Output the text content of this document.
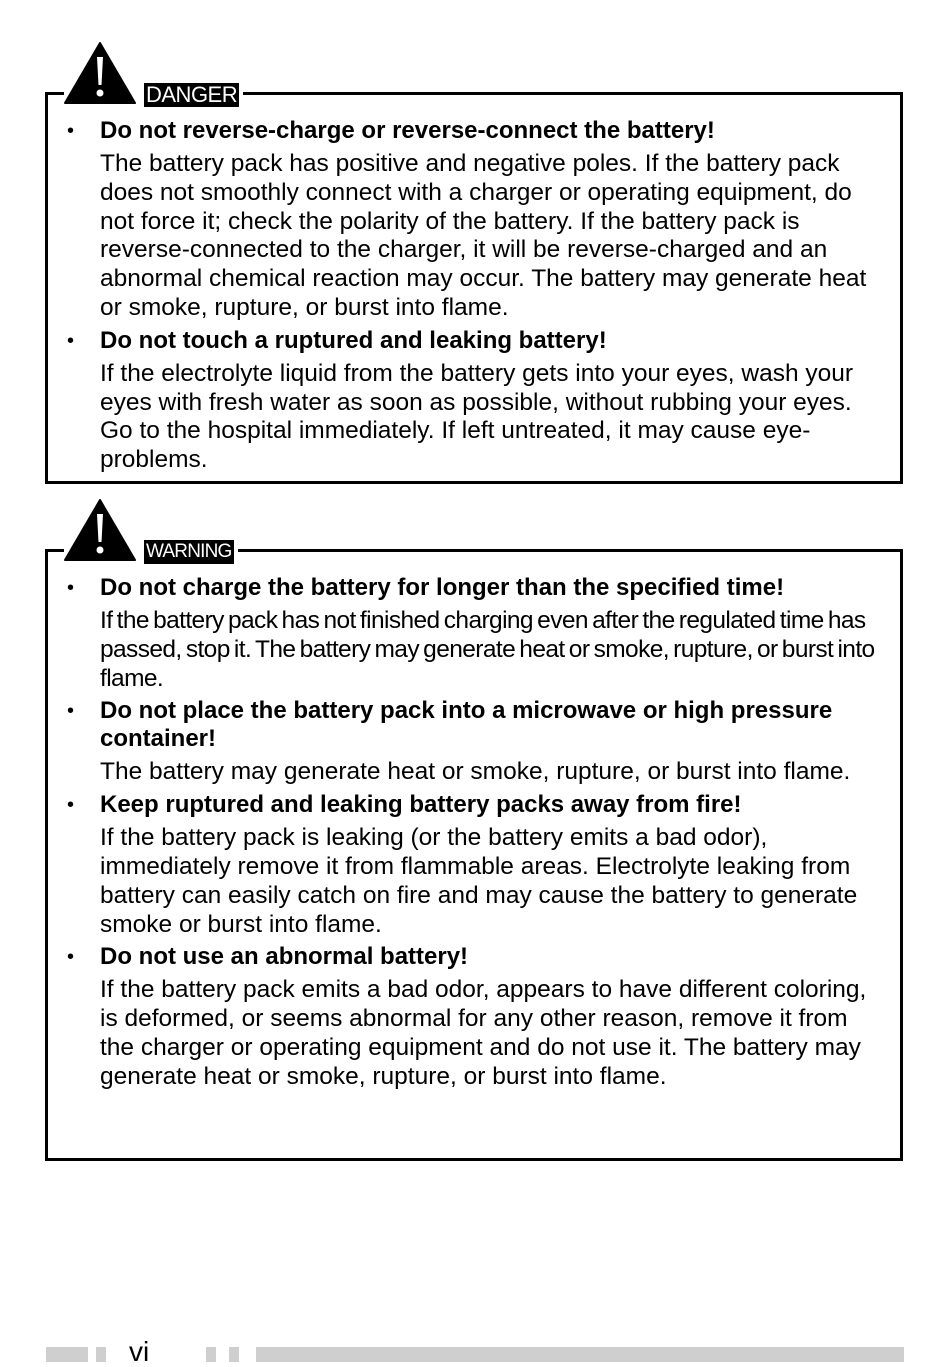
DANGER
• Do not reverse-charge or reverse-connect the battery!

The battery pack has positive and negative poles. If the battery pack does not smoothly connect with a charger or operating equipment, do not force it; check the polarity of the battery. If the battery pack is reverse-connected to the charger, it will be reverse-charged and an abnormal chemical reaction may occur. The battery may generate heat or smoke, rupture, or burst into flame.

• Do not touch a ruptured and leaking battery!

If the electrolyte liquid from the battery gets into your eyes, wash your eyes with fresh water as soon as possible, without rubbing your eyes. Go to the hospital immediately. If left untreated, it may cause eye-problems.

WARNING
• Do not charge the battery for longer than the specified time!

If the battery pack has not finished charging even after the regulated time has passed, stop it. The battery may generate heat or smoke, rupture, or burst into flame.

• Do not place the battery pack into a microwave or high pressure container!

The battery may generate heat or smoke, rupture, or burst into flame.

• Keep ruptured and leaking battery packs away from fire!

If the battery pack is leaking (or the battery emits a bad odor), immediately remove it from flammable areas. Electrolyte leaking from battery can easily catch on fire and may cause the battery to generate smoke or burst into flame.

• Do not use an abnormal battery!

If the battery pack emits a bad odor, appears to have different coloring, is deformed, or seems abnormal for any other reason, remove it from the charger or operating equipment and do not use it. The battery may generate heat or smoke, rupture, or burst into flame.

vi
